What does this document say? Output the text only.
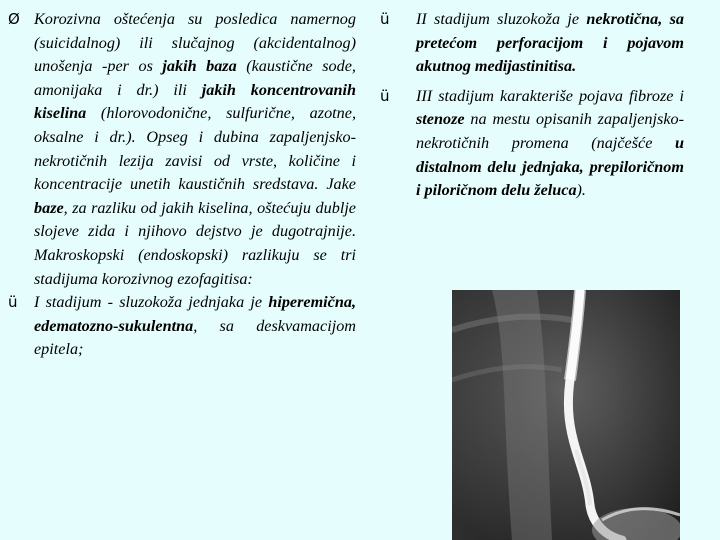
Ø Korozivna oštećenja su posledica namernog (suicidalnog) ili slučajnog (akcidentalnog) unošenja -per os jakih baza (kaustične sode, amonijaka i dr.) ili jakih koncentrovanih kiselina (hlorovodonične, sulfurične, azotne, oksalne i dr.). Opseg i dubina zapaljenjsko-nekrotičnih lezija zavisi od vrste, količine i koncentracije unetih kaustičnih sredstava. Jake baze, za razliku od jakih kiselina, oštećuju dublje slojeve zida i njihovo dejstvo je dugotrajnije. Makroskopski (endoskopski) razlikuju se tri stadijuma korozivnog ezofagitisa:

ü I stadijum - sluzokoža jednjaka je hiperemična, edematozno-sukulentna, sa deskvamacijom epitela;

ü II stadijum sluzokoža je nekrotična, sa pretećom perforacijom i pojavom akutnog medijastinitisa.

ü III stadijum karakteriše pojava fibroze i stenoze na mestu opisanih zapaljenjsko-nekrotičnih promena (najčešće u distalnom delu jednjaka, prepiloričnom i piloričnom delu želuca).
